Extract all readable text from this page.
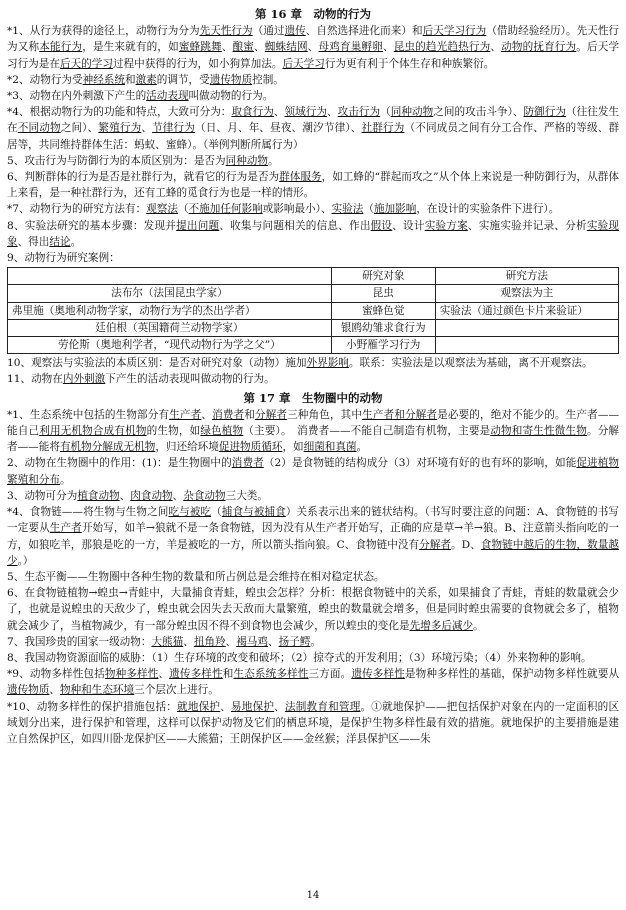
第 16 章　动物的行为

*1、从行为获得的途径上，动物行为分为先天性行为（通过遗传、自然选择进化而来）和后天学习行为（借助经验经历）。先天性行为又称本能行为，是生来就有的，如蜜蜂跳舞、酿蜜、蜘蛛结网、母鸡育巢孵卵、昆虫的趋光趋热行为、动物的抚育行为。后天学习行为是在后天的学习过程中获得的行为，如小狗算加法。后天学习行为更有利于个体生存和种族繁衍。

*2、动物行为受神经系统和激素的调节，受遗传物质控制。

*3、动物在内外刺激下产生的活动表现叫做动物的行为。

*4、根据动物行为的功能和特点，大致可分为：取食行为、领域行为、攻击行为（同种动物之间的攻击斗争）、防御行为（往往发生在不同动物之间）、繁殖行为、节律行为（日、月、年、昼夜、潮汐节律）、社群行为（不同成员之间有分工合作、严格的等级、群居等，共同维持群体生活：蚂蚁、蜜蜂）。（举例判断所属行为）

5、攻击行为与防御行为的本质区别为：是否为同种动物。

6、判断群体的行为是否是社群行为，就看它的行为是否为群体服务，如工蜂的“群起而攻之”从个体上来说是一种防御行为，从群体上来看，是一种社群行为，还有工蜂的觅食行为也是一样的情形。

*7、动物行为的研究方法有：观察法（不施加任何影响或影响最小）、实验法（施加影响，在设计的实验条件下进行）。

8、实验法研究的基本步骤：发现并提出问题、收集与问题相关的信息、作出假设、设计实验方案、实施实验并记录、分析实验现象、得出结论。

9、动物行为研究案例：

	研究对象	研究方法
法布尔（法国昆虫学家）	昆虫	观察法为主
弗里施（奥地利动物学家，动物行为学的杰出学者）	蜜蜂色觉	实验法（通过颜色卡片来验证）
廷伯根（英国籍荷兰动物学家）	银鸥幼雏求食行为	
劳伦斯（奥地利学者，“现代动物行为学之父”）	小野雁学习行为	

10、观察法与实验法的本质区别：是否对研究对象（动物）施加外界影响。联系：实验法是以观察法为基础，离不开观察法。

11、动物在内外刺激下产生的活动表现叫做动物的行为。

第 17 章　生物圈中的动物

*1、生态系统中包括的生物部分有生产者、消费者和分解者三种角色，其中生产者和分解者是必要的，绝对不能少的。生产者——能自己利用无机物合成有机物的生物，如绿色植物（主要）。　消费者——不能自己制造有机物，主要是动物和寄生性微生物。分解者——能将有机物分解成无机物，归还给环境促进物质循环，如细菌和真菌。

2、动物在生物圈中的作用：(1)：是生物圈中的消费者（2）是食物链的结构成分（3）对环境有好的也有坏的影响，如能促进植物繁殖和分布。

3、动物可分为植食动物、肉食动物、杂食动物三大类。

*4、食物链——将生物与生物之间吃与被吃（捕食与被捕食）关系表示出来的链状结构。（书写时要注意的问题：A、食物链的书写一定要从生产者开始写，如羊→狼就不是一条食物链，因为没有从生产者开始写，正确的应是草→羊→狼。B、注意箭头指向吃的一方，如狼吃羊，那狼是吃的一方，羊是被吃的一方，所以箭头指向狼。C、食物链中没有分解者。D、食物链中越后的生物，数量越少。）

5、生态平衡——生物圈中各种生物的数量和所占例总是会维持在相对稳定状态。

6、在食物链植物→蝗虫→青蛙中，大量捕食青蛙，蝗虫会怎样？分析：根据食物链中的关系，如果捕食了青蛙，青蛙的数量就会少了，也就是说蝗虫的天敌少了，蝗虫就会因失去天敌而大量繁殖，蝗虫的数量就会增多，但是同时蝗虫需要的食物就会多了，植物就会减少了，当植物减少，有一部分蝗虫因不得不到食物也会减少，所以蝗虫的变化是先增多后减少。

7、我国珍贵的国家一级动物：大熊猫、扭角羚、褐马鸡、扬子鳄。

8、我国动物资源面临的威胁：（1）生存环境的改变和破坏；（2）掠夺式的开发利用；（3）环境污染；（4）外来物种的影响。

*9、动物多样性包括物种多样性、遗传多样性和生态系统多样性三方面。遗传多样性是物种多样性的基础，保护动物多样性就要从遗传物质、物种和生态环境三个层次上进行。

*10、动物多样性的保护措施包括：就地保护、易地保护、法制教育和管理。①就地保护——把包括保护对象在内的一定面积的区域划分出来，进行保护和管理，这样可以保护动物及它们的栖息环境，是保护生物多样性最有效的措施。就地保护的主要措施是建立自然保护区，如四川卧龙保护区——大熊猫；王朗保护区——金丝猴；洋县保护区——朱

14
